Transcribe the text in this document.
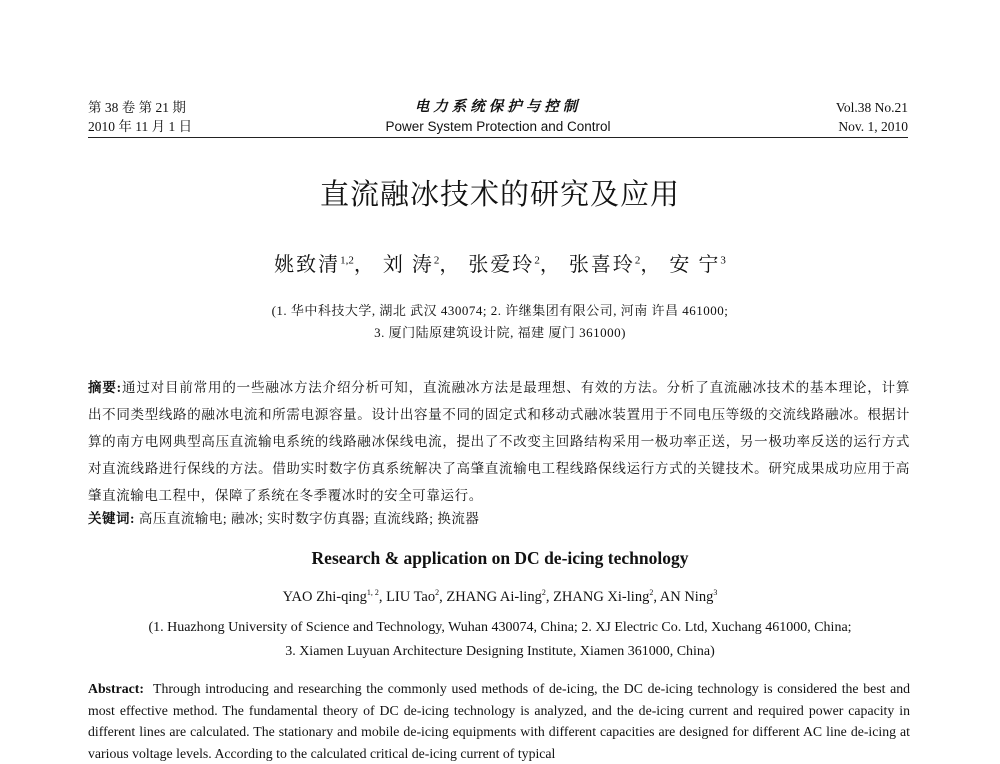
第 38 卷 第 21 期
2010 年 11 月 1 日
电力系统保护与控制
Power System Protection and Control
Vol.38 No.21
Nov. 1, 2010
直流融冰技术的研究及应用
姚致清$^{1,2}$， 刘 涛$^2$， 张爱玲$^2$， 张喜玲$^2$， 安 宁$^3$
(1. 华中科技大学, 湖北 武汉 430074; 2. 许继集团有限公司, 河南 许昌 461000;
3. 厦门陆原建筑设计院, 福建 厦门 361000)
摘要:通过对目前常用的一些融冰方法介绍分析可知，直流融冰方法是最理想、有效的方法。分析了直流融冰技术的基本理论，计算出不同类型线路的融冰电流和所需电源容量。设计出容量不同的固定式和移动式融冰装置用于不同电压等级的交流线路融冰。根据计算的南方电网典型高压直流输电系统的线路融冰保线电流，提出了不改变主回路结构采用一极功率正送，另一极功率反送的运行方式对直流线路进行保线的方法。借助实时数字仿真系统解决了高肇直流输电工程线路保线运行方式的关键技术。研究成果成功应用于高肇直流输电工程中，保障了系统在冬季覆冰时的安全可靠运行。
关键词: 高压直流输电; 融冰; 实时数字仿真器; 直流线路; 换流器
Research & application on DC de-icing technology
YAO Zhi-qing$^{1, 2}$, LIU Tao$^2$, ZHANG Ai-ling$^2$, ZHANG Xi-ling$^2$, AN Ning$^3$
(1. Huazhong University of Science and Technology, Wuhan 430074, China; 2. XJ Electric Co. Ltd, Xuchang 461000, China;
3. Xiamen Luyuan Architecture Designing Institute, Xiamen 361000, China)
Abstract: Through introducing and researching the commonly used methods of de-icing, the DC de-icing technology is considered the best and most effective method. The fundamental theory of DC de-icing technology is analyzed, and the de-icing current and required power capacity in different lines are calculated. The stationary and mobile de-icing equipments with different capacities are designed for different AC line de-icing at various voltage levels. According to the calculated critical de-icing current of typical
